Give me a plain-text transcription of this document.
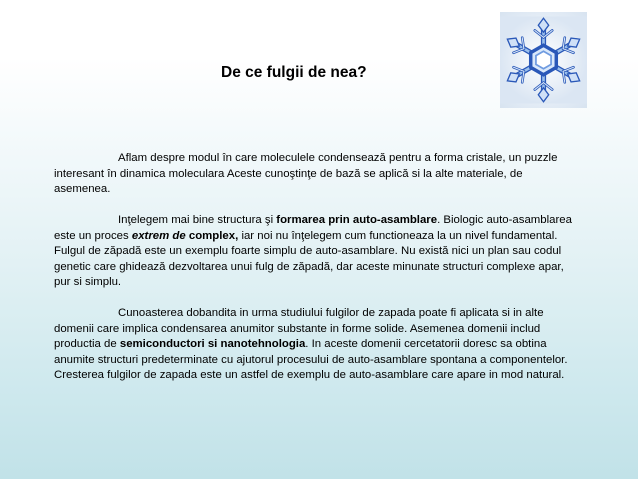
De ce fulgii de nea?

Aflam despre modul în care moleculele condensează pentru a forma cristale, un puzzle interesant în dinamica moleculara Aceste cunoştinţe de bază se aplică si la alte materiale, de asemenea.

Inţelegem mai bine structura şi formarea prin auto-asamblare. Biologic auto-asamblarea este un proces extrem de complex, iar noi nu înţelegem cum functioneaza la un nivel fundamental. Fulgul de zăpadă este un exemplu foarte simplu de auto-asamblare. Nu există nici un plan sau codul genetic care ghidează dezvoltarea unui fulg de zăpadă, dar aceste minunate structuri complexe apar, pur si simplu.

Cunoasterea dobandita in urma studiului fulgilor de zapada poate fi aplicata si in alte domenii care implica condensarea anumitor substante in forme solide. Asemenea domenii includ productia de semiconductori si nanotehnologia. In aceste domenii cercetatorii doresc sa obtina anumite structuri predeterminate cu ajutorul procesului de auto-asamblare spontana a componentelor. Cresterea fulgilor de zapada este un astfel de exemplu de auto-asamblare care apare in mod natural.
